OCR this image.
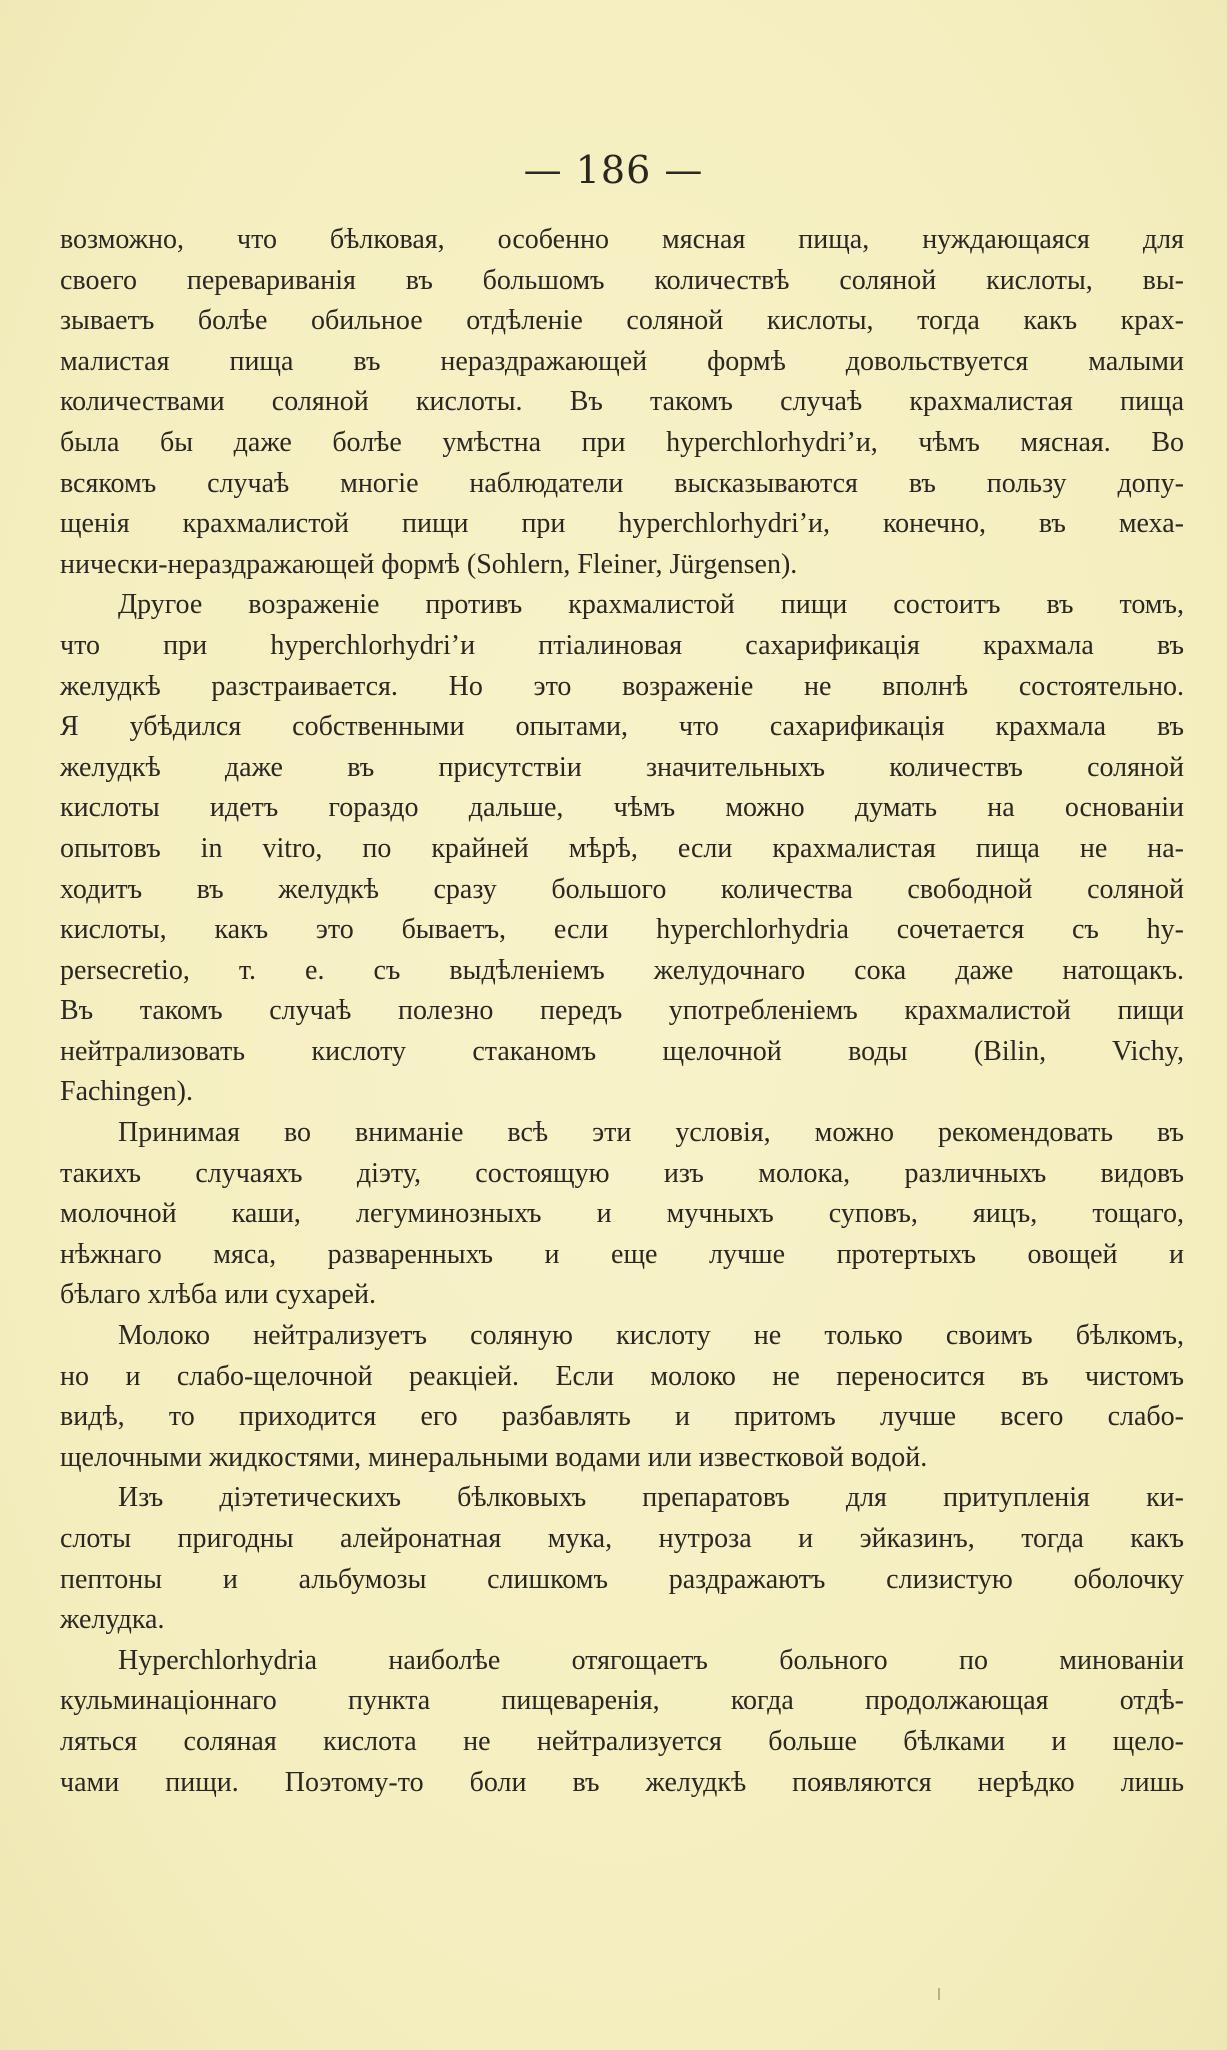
— 186 —
возможно, что бѣлковая, особенно мясная пища, нуждающаяся для
своего перевариванія въ большомъ количествѣ соляной кислоты, вы-
зываетъ болѣе обильное отдѣленіе соляной кислоты, тогда какъ крах-
малистая пища въ нераздражающей формѣ довольствуется малыми
количествами соляной кислоты. Въ такомъ случаѣ крахмалистая пища
была бы даже болѣе умѣстна при hyperchlorhydri’и, чѣмъ мясная. Во
всякомъ случаѣ многіе наблюдатели высказываются въ пользу допу-
щенія крахмалистой пищи при hyperchlorhydri’и, конечно, въ меха-
нически-нераздражающей формѣ (Sohlern, Fleiner, Jürgensen).
Другое возраженіе противъ крахмалистой пищи состоитъ въ томъ,
что при hyperchlorhydri’и птіалиновая сахарификація крахмала въ
желудкѣ разстраивается. Но это возраженіе не вполнѣ состоятельно.
Я убѣдился собственными опытами, что сахарификація крахмала въ
желудкѣ даже въ присутствіи значительныхъ количествъ соляной
кислоты идетъ гораздо дальше, чѣмъ можно думать на основаніи
опытовъ in vitro, по крайней мѣрѣ, если крахмалистая пища не на-
ходитъ въ желудкѣ сразу большого количества свободной соляной
кислоты, какъ это бываетъ, если hyperchlorhydria сочетается съ hy-
persecretio, т. е. съ выдѣленіемъ желудочнаго сока даже натощакъ.
Въ такомъ случаѣ полезно передъ употребленіемъ крахмалистой пищи
нейтрализовать кислоту стаканомъ щелочной воды (Bilin, Vichy,
Fachingen).
Принимая во вниманіе всѣ эти условія, можно рекомендовать въ
такихъ случаяхъ діэту, состоящую изъ молока, различныхъ видовъ
молочной каши, легуминозныхъ и мучныхъ суповъ, яицъ, тощаго,
нѣжнаго мяса, разваренныхъ и еще лучше протертыхъ овощей и
бѣлаго хлѣба или сухарей.
Молоко нейтрализуетъ соляную кислоту не только своимъ бѣлкомъ,
но и слабо-щелочной реакціей. Если молоко не переносится въ чистомъ
видѣ, то приходится его разбавлять и притомъ лучше всего слабо-
щелочными жидкостями, минеральными водами или известковой водой.
Изъ діэтетическихъ бѣлковыхъ препаратовъ для притупленія ки-
слоты пригодны алейронатная мука, нутроза и эйказинъ, тогда какъ
пептоны и альбумозы слишкомъ раздражаютъ слизистую оболочку
желудка.
Hyperchlorhydria наиболѣе отягощаетъ больного по минованіи
кульминаціоннаго пункта пищеваренія, когда продолжающая отдѣ-
ляться соляная кислота не нейтрализуется больше бѣлками и щело-
чами пищи. Поэтому-то боли въ желудкѣ появляются нерѣдко лишь
